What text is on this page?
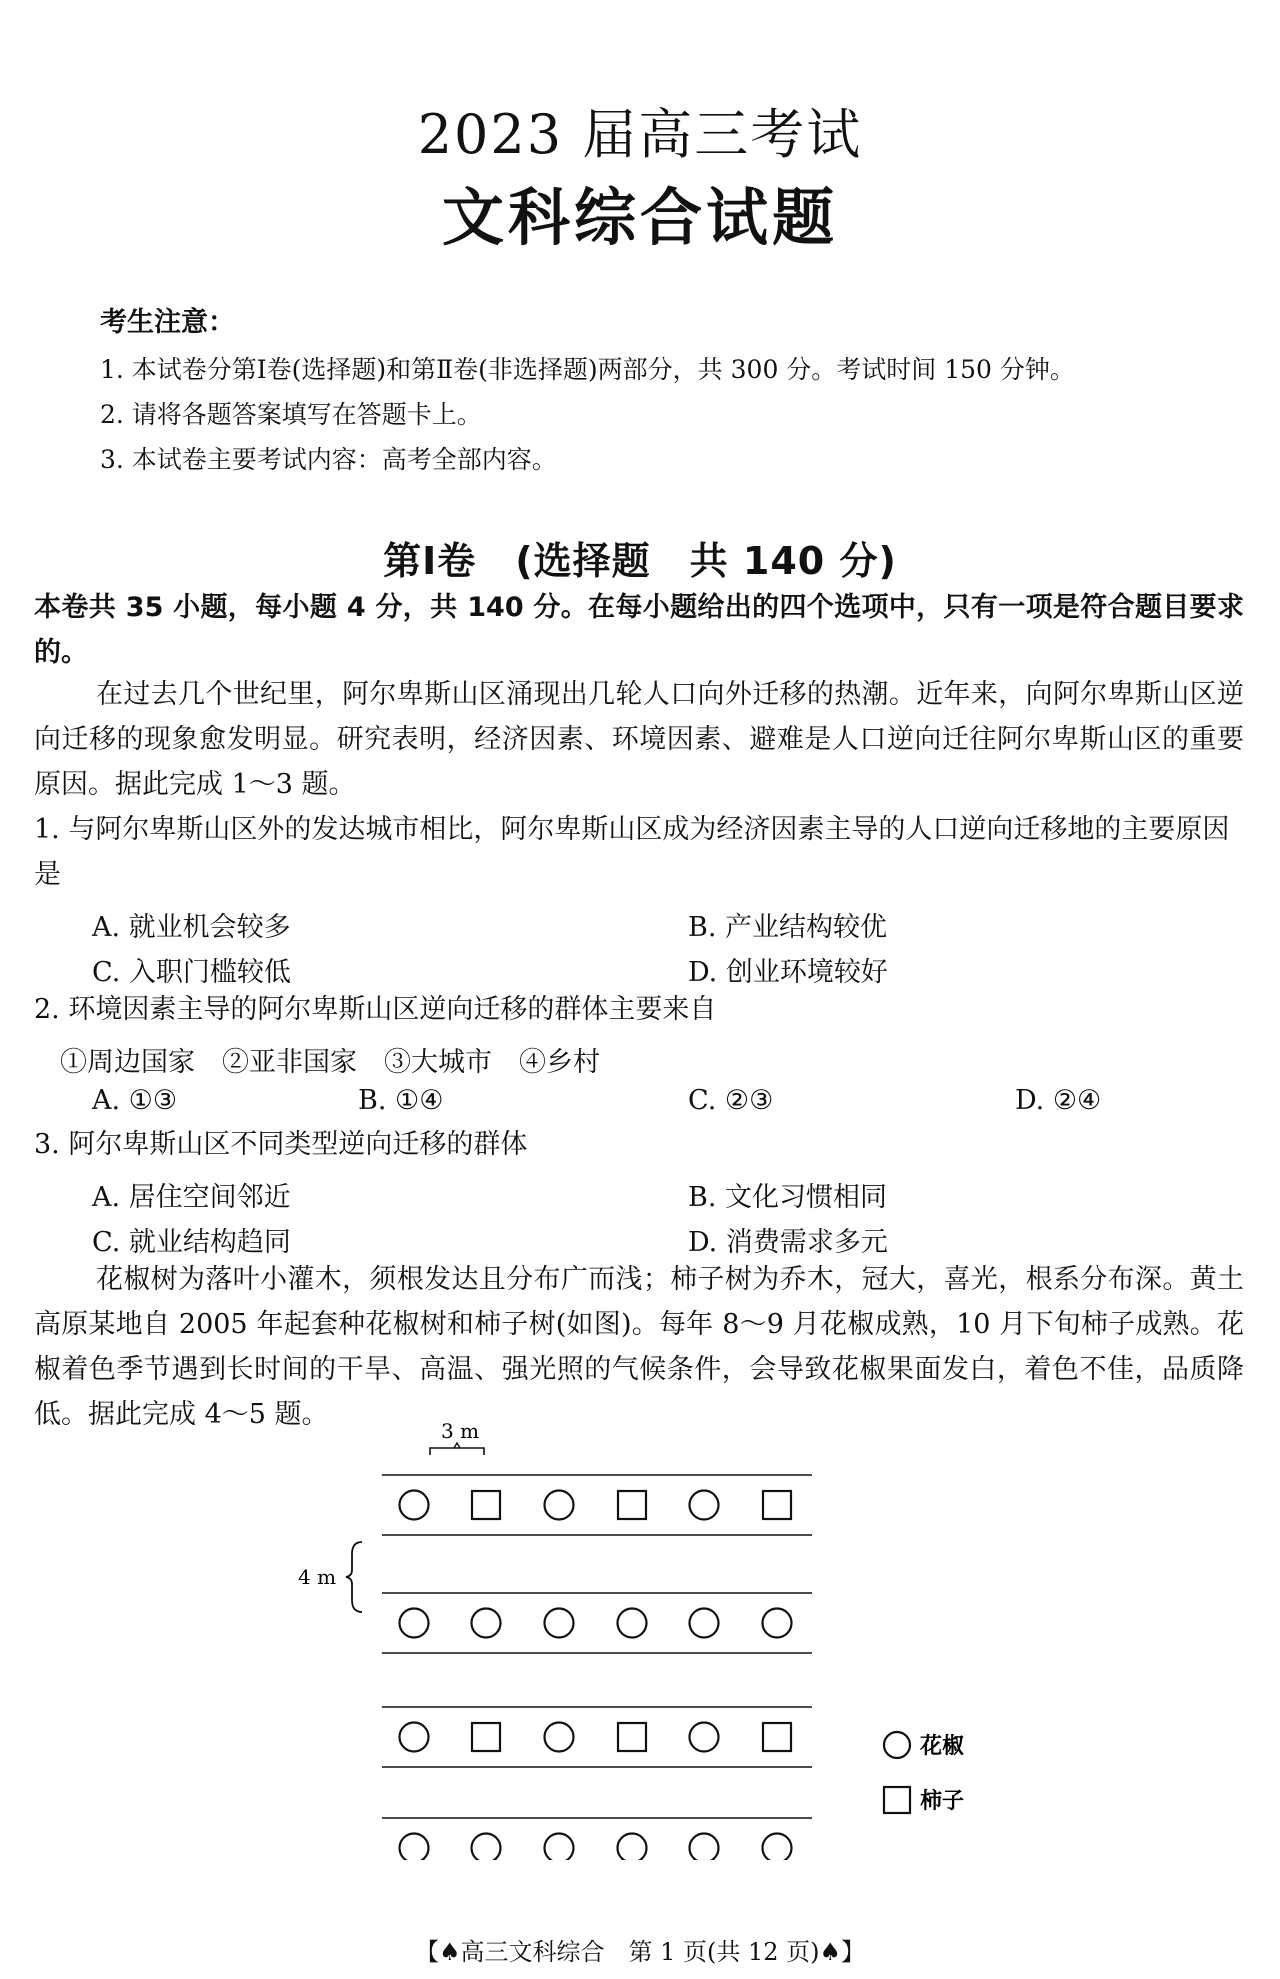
2023 届高三考试
文科综合试题
考生注意：
1. 本试卷分第Ⅰ卷(选择题)和第Ⅱ卷(非选择题)两部分，共 300 分。考试时间 150 分钟。
2. 请将各题答案填写在答题卡上。
3. 本试卷主要考试内容：高考全部内容。
第Ⅰ卷　(选择题　共 140 分)
本卷共 35 小题，每小题 4 分，共 140 分。在每小题给出的四个选项中，只有一项是符合题目要求的。
在过去几个世纪里，阿尔卑斯山区涌现出几轮人口向外迁移的热潮。近年来，向阿尔卑斯山区逆向迁移的现象愈发明显。研究表明，经济因素、环境因素、避难是人口逆向迁往阿尔卑斯山区的重要原因。据此完成 1～3 题。
1. 与阿尔卑斯山区外的发达城市相比，阿尔卑斯山区成为经济因素主导的人口逆向迁移地的主要原因是
A. 就业机会较多	B. 产业结构较优
C. 入职门槛较低	D. 创业环境较好
2. 环境因素主导的阿尔卑斯山区逆向迁移的群体主要来自
①周边国家　②亚非国家　③大城市　④乡村
A. ①③	B. ①④	C. ②③	D. ②④
3. 阿尔卑斯山区不同类型逆向迁移的群体
A. 居住空间邻近	B. 文化习惯相同
C. 就业结构趋同	D. 消费需求多元
花椒树为落叶小灌木，须根发达且分布广而浅；柿子树为乔木，冠大，喜光，根系分布深。黄土高原某地自 2005 年起套种花椒树和柿子树(如图)。每年 8～9 月花椒成熟，10 月下旬柿子成熟。花椒着色季节遇到长时间的干旱、高温、强光照的气候条件，会导致花椒果面发白，着色不佳，品质降低。据此完成 4～5 题。
3 m
4 m
花椒
柿子
【♠高三文科综合　第 1 页(共 12 页)♠】
